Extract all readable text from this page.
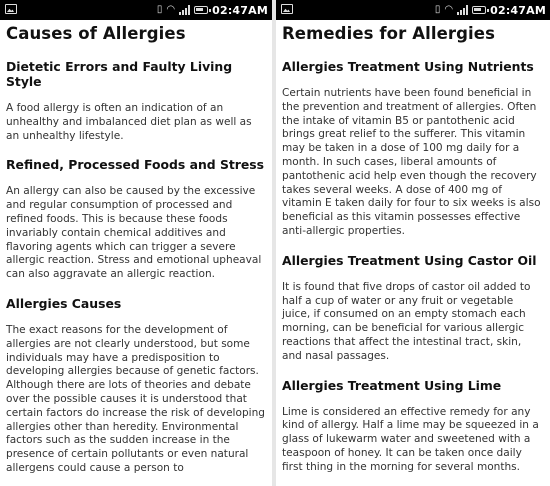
▯ ◠	02:47AM
Causes of Allergies
Dietetic Errors and Faulty Living Style
A food allergy is often an indication of an unhealthy and imbalanced diet plan as well as an unhealthy lifestyle.
Refined, Processed Foods and Stress
An allergy can also be caused by the excessive and regular consumption of processed and refined foods. This is because these foods invariably contain chemical additives and flavoring agents which can trigger a severe allergic reaction. Stress and emotional upheaval can also aggravate an allergic reaction.
Allergies Causes
The exact reasons for the development of allergies are not clearly understood, but some individuals may have a predisposition to developing allergies because of genetic factors. Although there are lots of theories and debate over the possible causes it is understood that certain factors do increase the risk of developing allergies other than heredity. Environmental factors such as the sudden increase in the presence of certain pollutants or even natural allergens could cause a person to
▯ ◠	02:47AM
Remedies for Allergies
Allergies Treatment Using Nutrients
Certain nutrients have been found beneficial in the prevention and treatment of allergies. Often the intake of vitamin B5 or pantothenic acid brings great relief to the sufferer. This vitamin may be taken in a dose of 100 mg daily for a month. In such cases, liberal amounts of pantothenic acid help even though the recovery takes several weeks. A dose of 400 mg of vitamin E taken daily for four to six weeks is also beneficial as this vitamin possesses effective anti-allergic properties.
Allergies Treatment Using Castor Oil
It is found that five drops of castor oil added to half a cup of water or any fruit or vegetable juice, if consumed on an empty stomach each morning, can be beneficial for various allergic reactions that affect the intestinal tract, skin, and nasal passages.
Allergies Treatment Using Lime
Lime is considered an effective remedy for any kind of allergy. Half a lime may be squeezed in a glass of lukewarm water and sweetened with a teaspoon of honey. It can be taken once daily first thing in the morning for several months.
